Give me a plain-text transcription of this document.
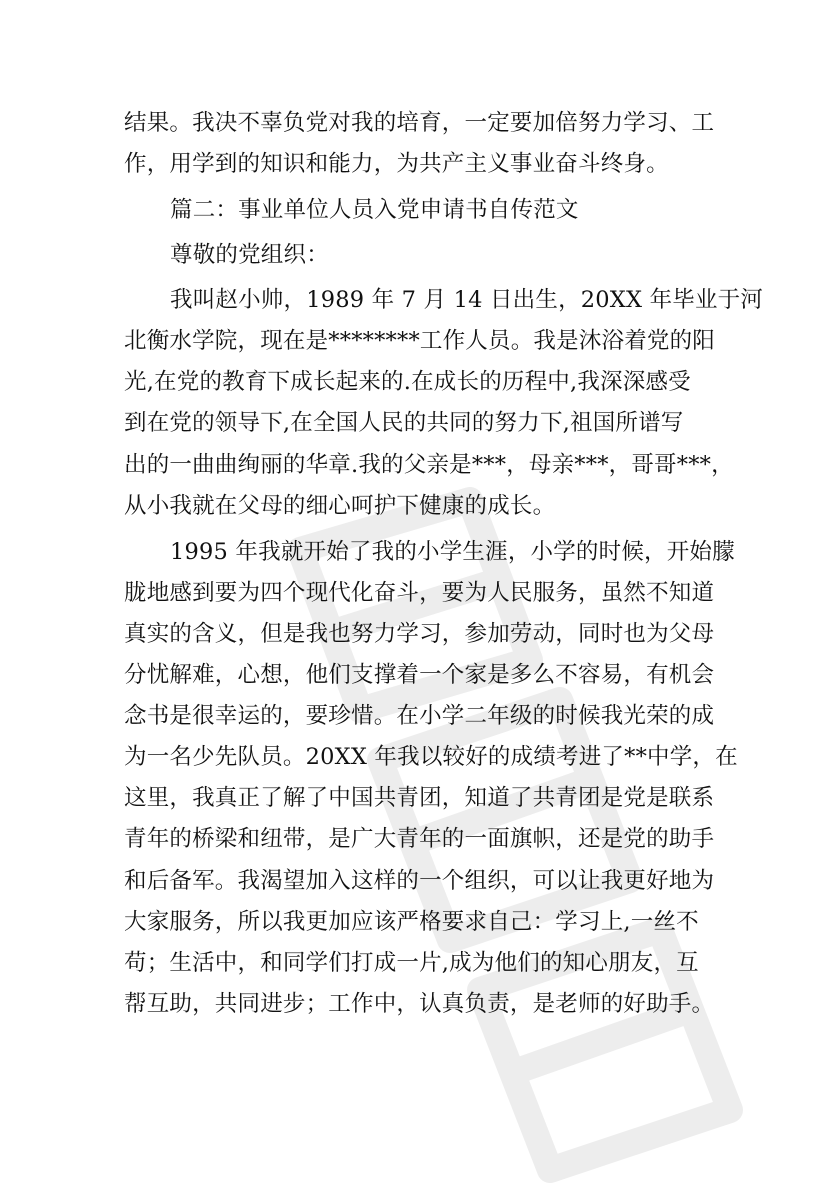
结果。我决不辜负党对我的培育，一定要加倍努力学习、工
作，用学到的知识和能力，为共产主义事业奋斗终身。
篇二：事业单位人员入党申请书自传范文
尊敬的党组织：
我叫赵小帅，1989 年 7 月 14 日出生，20XX 年毕业于河
北衡水学院，现在是********工作人员。我是沐浴着党的阳
光,在党的教育下成长起来的.在成长的历程中,我深深感受
到在党的领导下,在全国人民的共同的努力下,祖国所谱写
出的一曲曲绚丽的华章.我的父亲是***，母亲***，哥哥***，
从小我就在父母的细心呵护下健康的成长。
1995 年我就开始了我的小学生涯，小学的时候，开始朦
胧地感到要为四个现代化奋斗，要为人民服务，虽然不知道
真实的含义，但是我也努力学习，参加劳动，同时也为父母
分忧解难，心想，他们支撑着一个家是多么不容易，有机会
念书是很幸运的，要珍惜。在小学二年级的时候我光荣的成
为一名少先队员。20XX 年我以较好的成绩考进了**中学，在
这里，我真正了解了中国共青团，知道了共青团是党是联系
青年的桥梁和纽带，是广大青年的一面旗帜，还是党的助手
和后备军。我渴望加入这样的一个组织，可以让我更好地为
大家服务，所以我更加应该严格要求自己：学习上,一丝不
苟；生活中，和同学们打成一片,成为他们的知心朋友，互
帮互助，共同进步；工作中，认真负责，是老师的好助手。
